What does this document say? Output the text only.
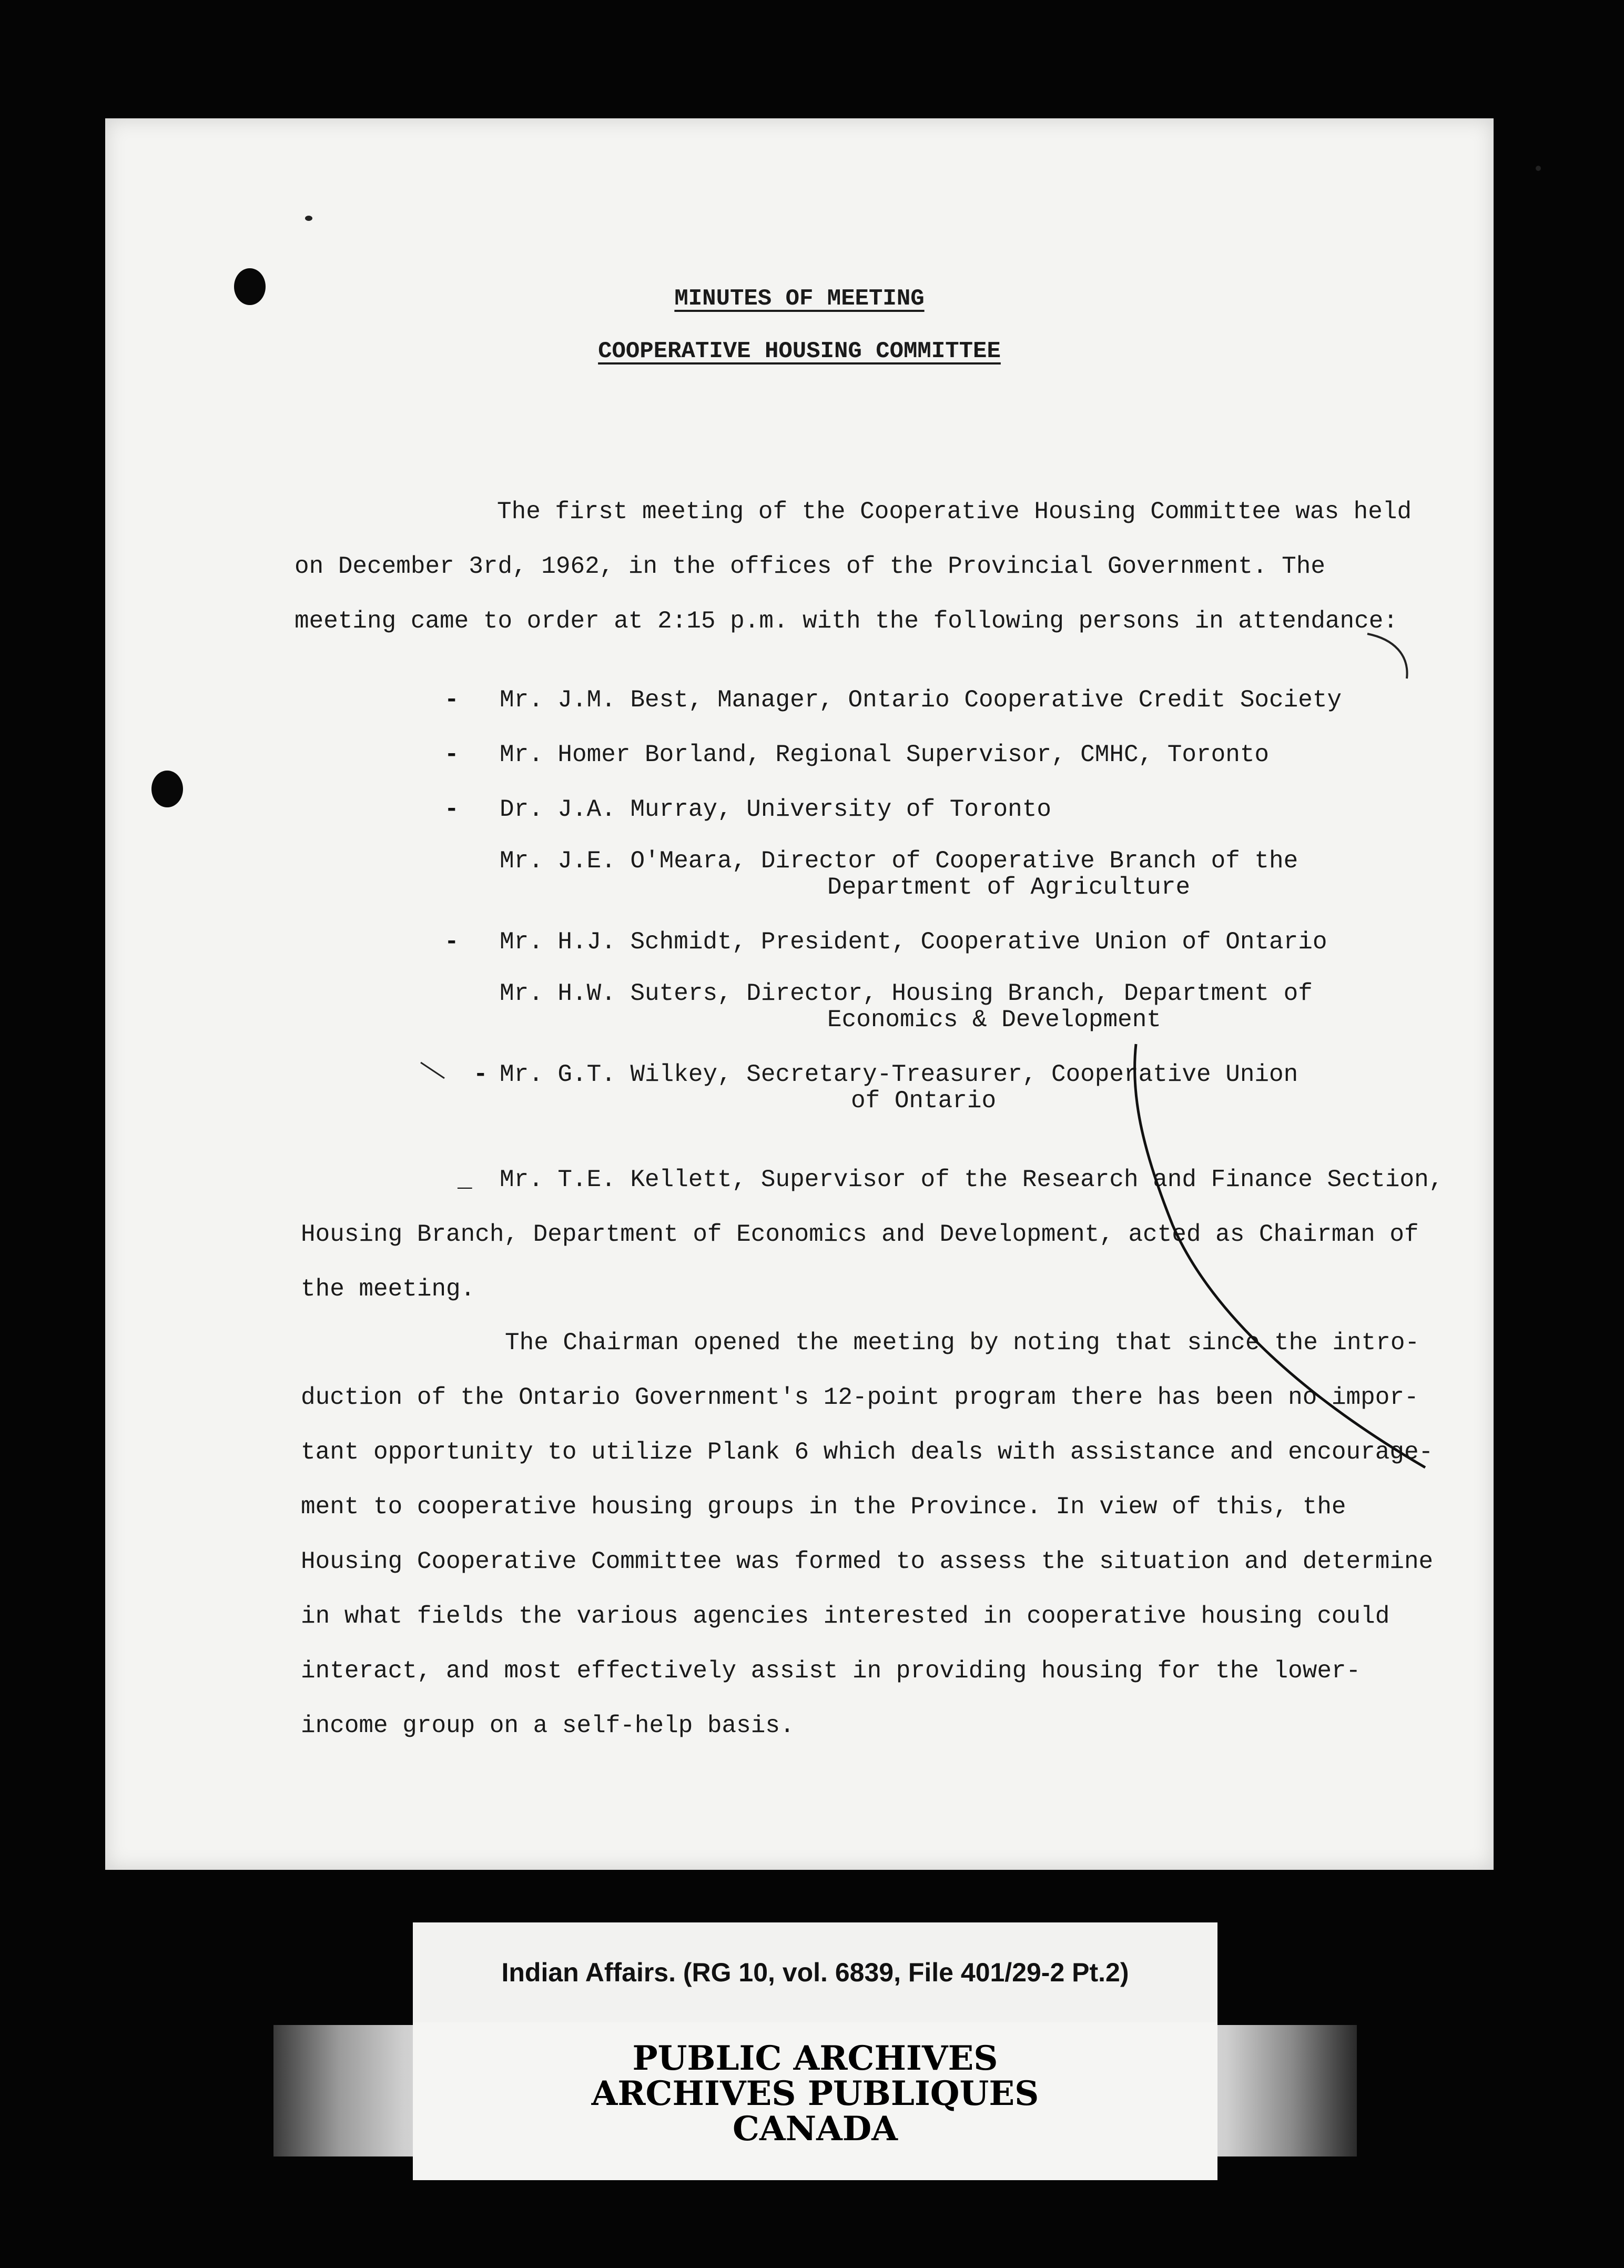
MINUTES OF MEETING
COOPERATIVE HOUSING COMMITTEE
The first meeting of the Cooperative Housing Committee was held
on December 3rd, 1962, in the offices of the Provincial Government. The
meeting came to order at 2:15 p.m. with the following persons in attendance:
- Mr. J.M. Best, Manager, Ontario Cooperative Credit Society
- Mr. Homer Borland, Regional Supervisor, CMHC, Toronto
- Dr. J.A. Murray, University of Toronto
Mr. J.E. O'Meara, Director of Cooperative Branch of the
Department of Agriculture
- Mr. H.J. Schmidt, President, Cooperative Union of Ontario
Mr. H.W. Suters, Director, Housing Branch, Department of
Economics & Development
- Mr. G.T. Wilkey, Secretary-Treasurer, Cooperative Union
of Ontario
_ Mr. T.E. Kellett, Supervisor of the Research and Finance Section,
Housing Branch, Department of Economics and Development, acted as Chairman of
the meeting.
The Chairman opened the meeting by noting that since the intro-
duction of the Ontario Government's 12-point program there has been no impor-
tant opportunity to utilize Plank 6 which deals with assistance and encourage-
ment to cooperative housing groups in the Province. In view of this, the
Housing Cooperative Committee was formed to assess the situation and determine
in what fields the various agencies interested in cooperative housing could
interact, and most effectively assist in providing housing for the lower-
income group on a self-help basis.
Indian Affairs. (RG 10, vol. 6839, File 401/29-2 Pt.2)
PUBLIC ARCHIVES
ARCHIVES PUBLIQUES
CANADA
